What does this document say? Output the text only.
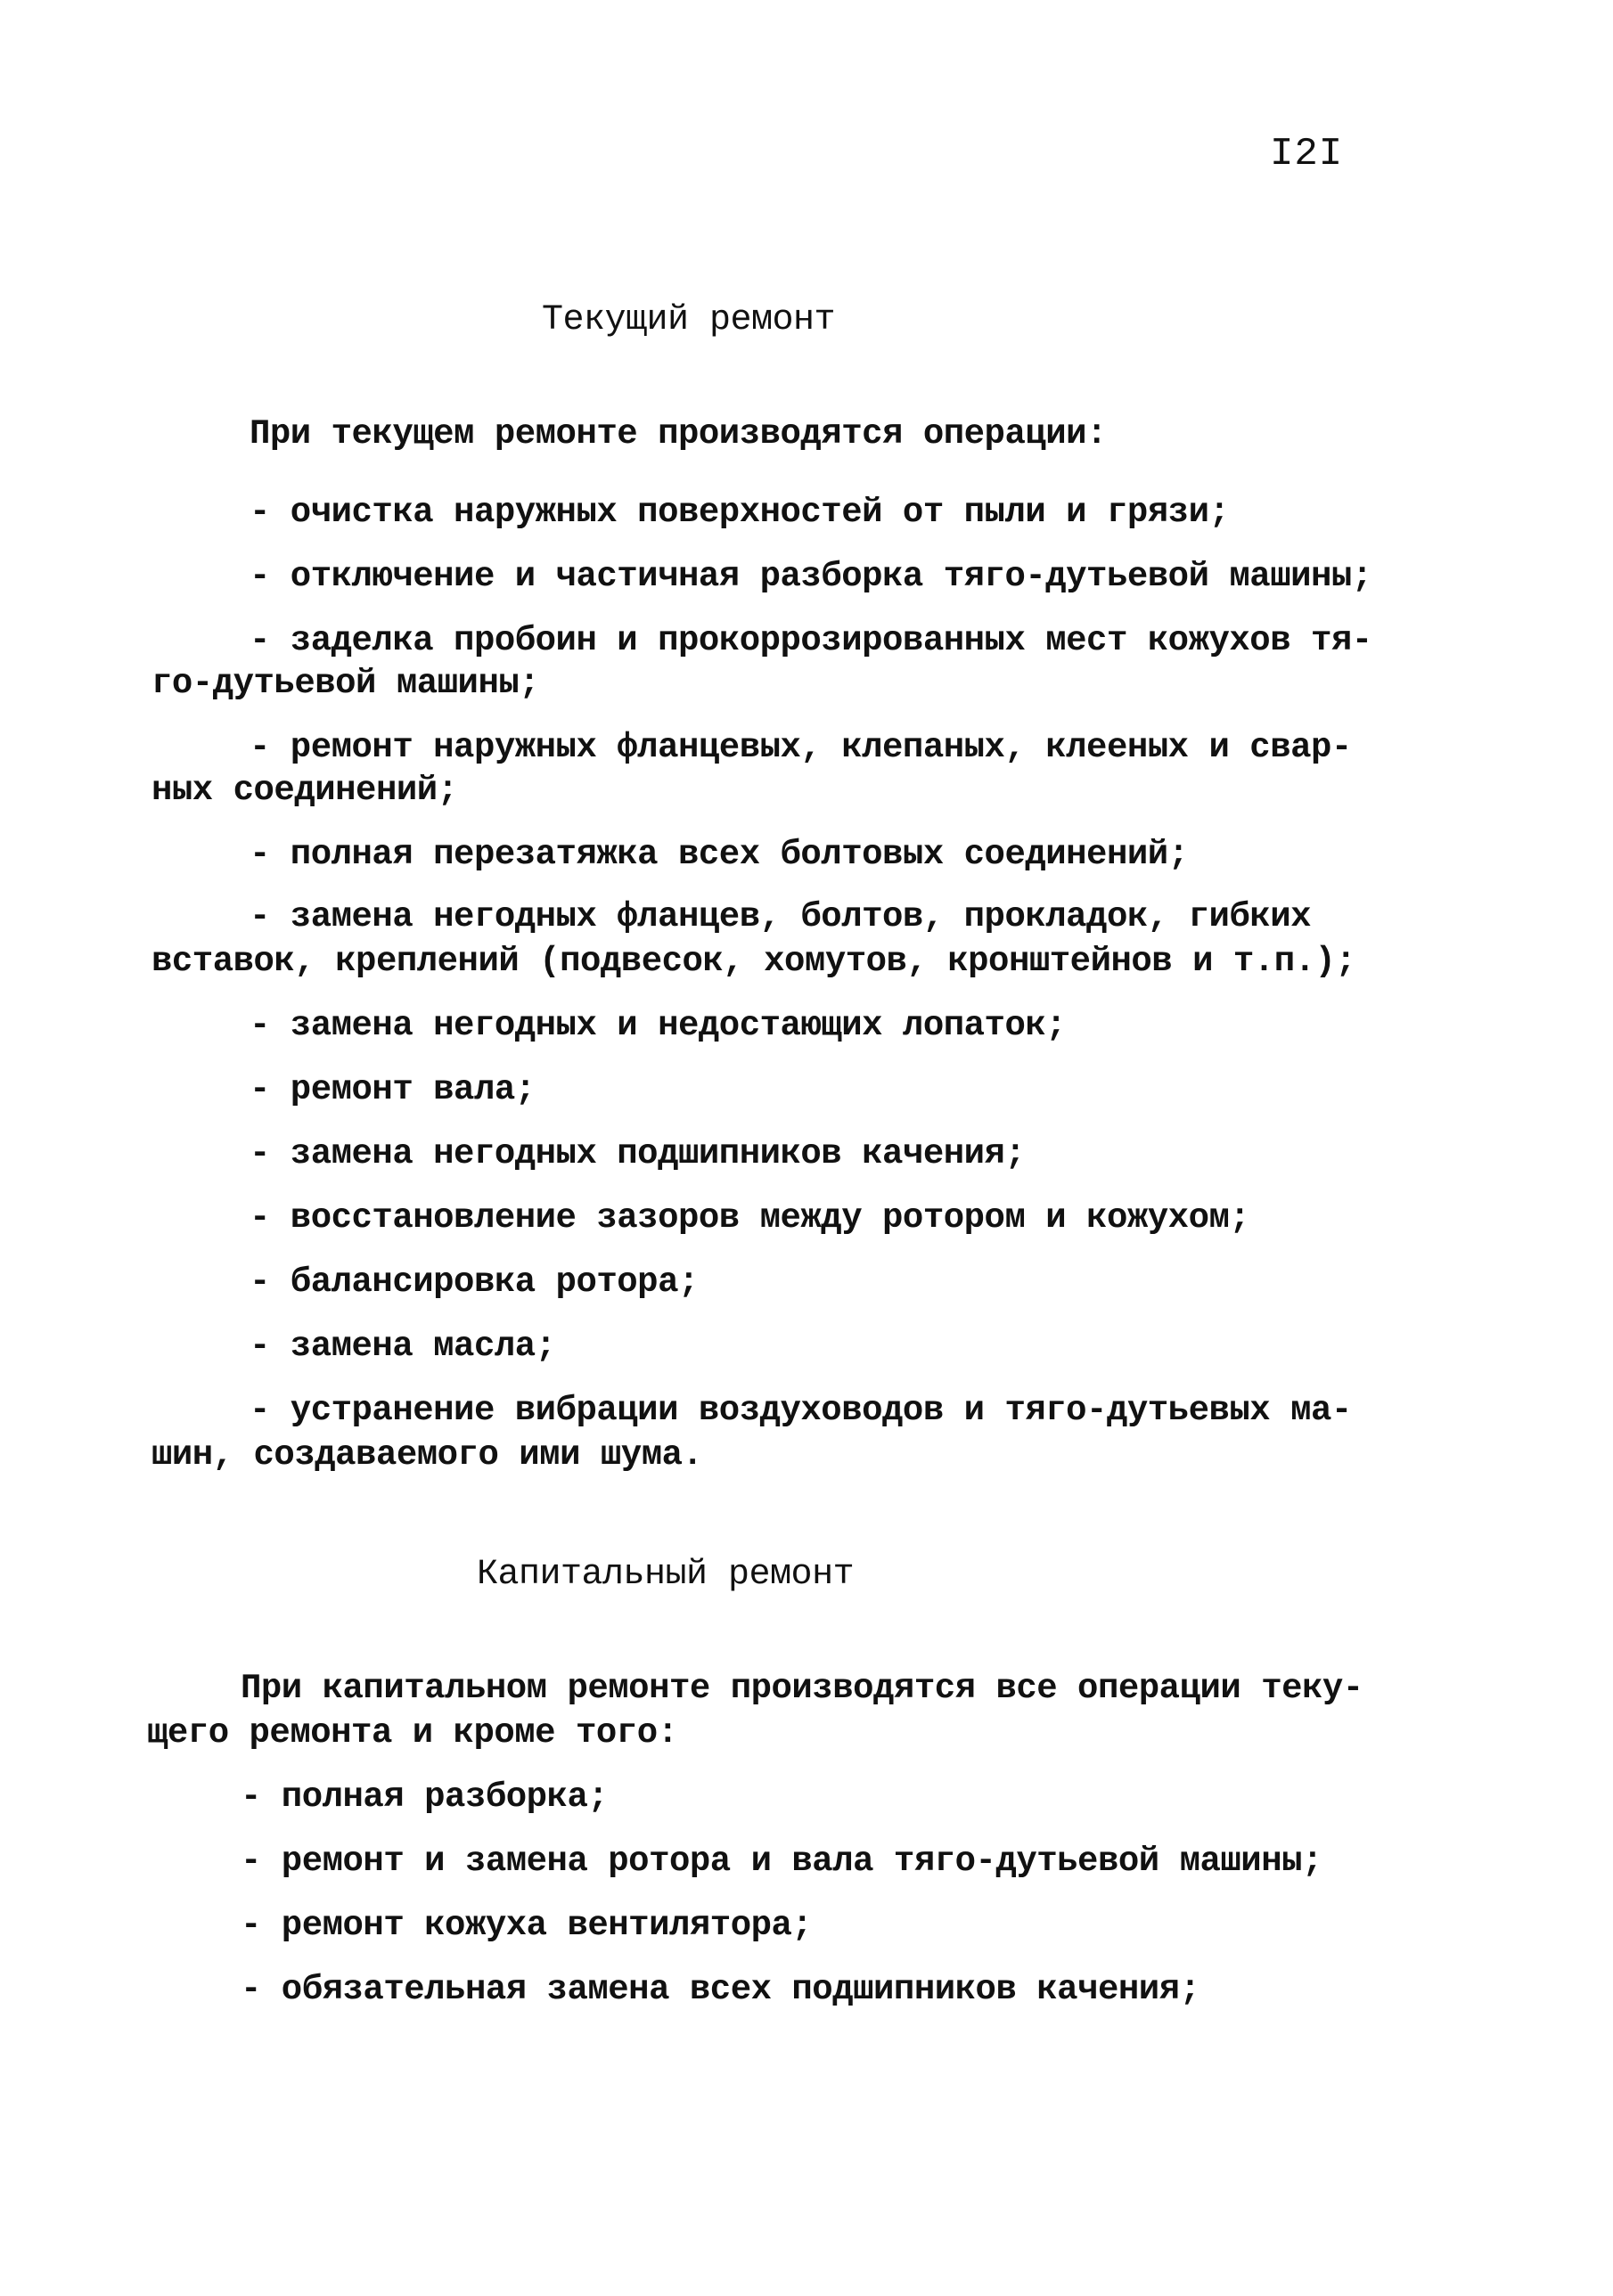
I2I
Текущий ремонт
При текущем ремонте производятся операции:
- очистка наружных поверхностей от пыли и грязи;
- отключение и частичная разборка тяго-дутьевой машины;
- заделка пробоин и прокоррозированных мест кожухов тя-
го-дутьевой машины;
- ремонт наружных фланцевых, клепаных, клееных и свар-
ных соединений;
- полная перезатяжка всех болтовых соединений;
- замена негодных фланцев, болтов, прокладок, гибких
вставок, креплений (подвесок, хомутов, кронштейнов и т.п.);
- замена негодных и недостающих лопаток;
- ремонт вала;
- замена негодных подшипников качения;
- восстановление зазоров между ротором и кожухом;
- балансировка ротора;
- замена масла;
- устранение вибрации воздуховодов и тяго-дутьевых ма-
шин, создаваемого ими шума.
Капитальный ремонт
При капитальном ремонте производятся все операции теку-
щего ремонта и кроме того:
- полная разборка;
- ремонт и замена ротора и вала тяго-дутьевой машины;
- ремонт кожуха вентилятора;
- обязательная замена всех подшипников качения;
